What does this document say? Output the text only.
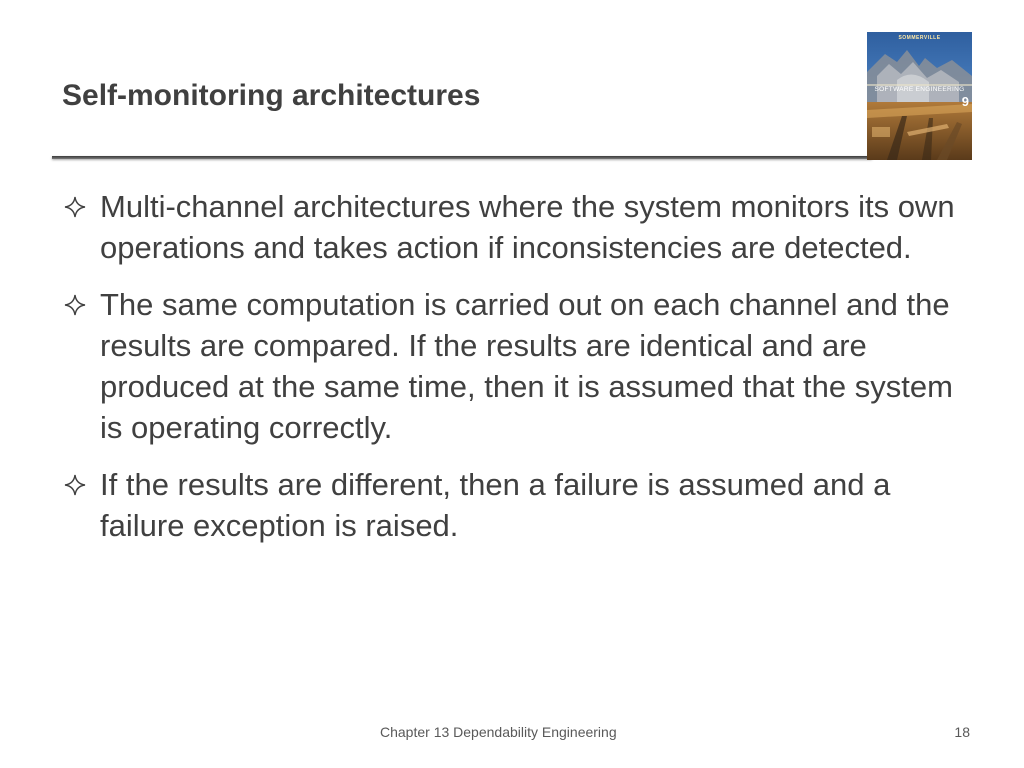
Self-monitoring architectures
SOMMERVILLE
SOFTWARE ENGINEERING
9
Multi-channel architectures where the system monitors its own operations and takes action if inconsistencies are detected.
The same computation is carried out on each channel and the results are compared. If the results are identical and are produced at the same time, then it is assumed that the system is operating correctly.
If the results are different, then a failure is assumed and a failure exception is raised.
Chapter 13 Dependability Engineering	18
